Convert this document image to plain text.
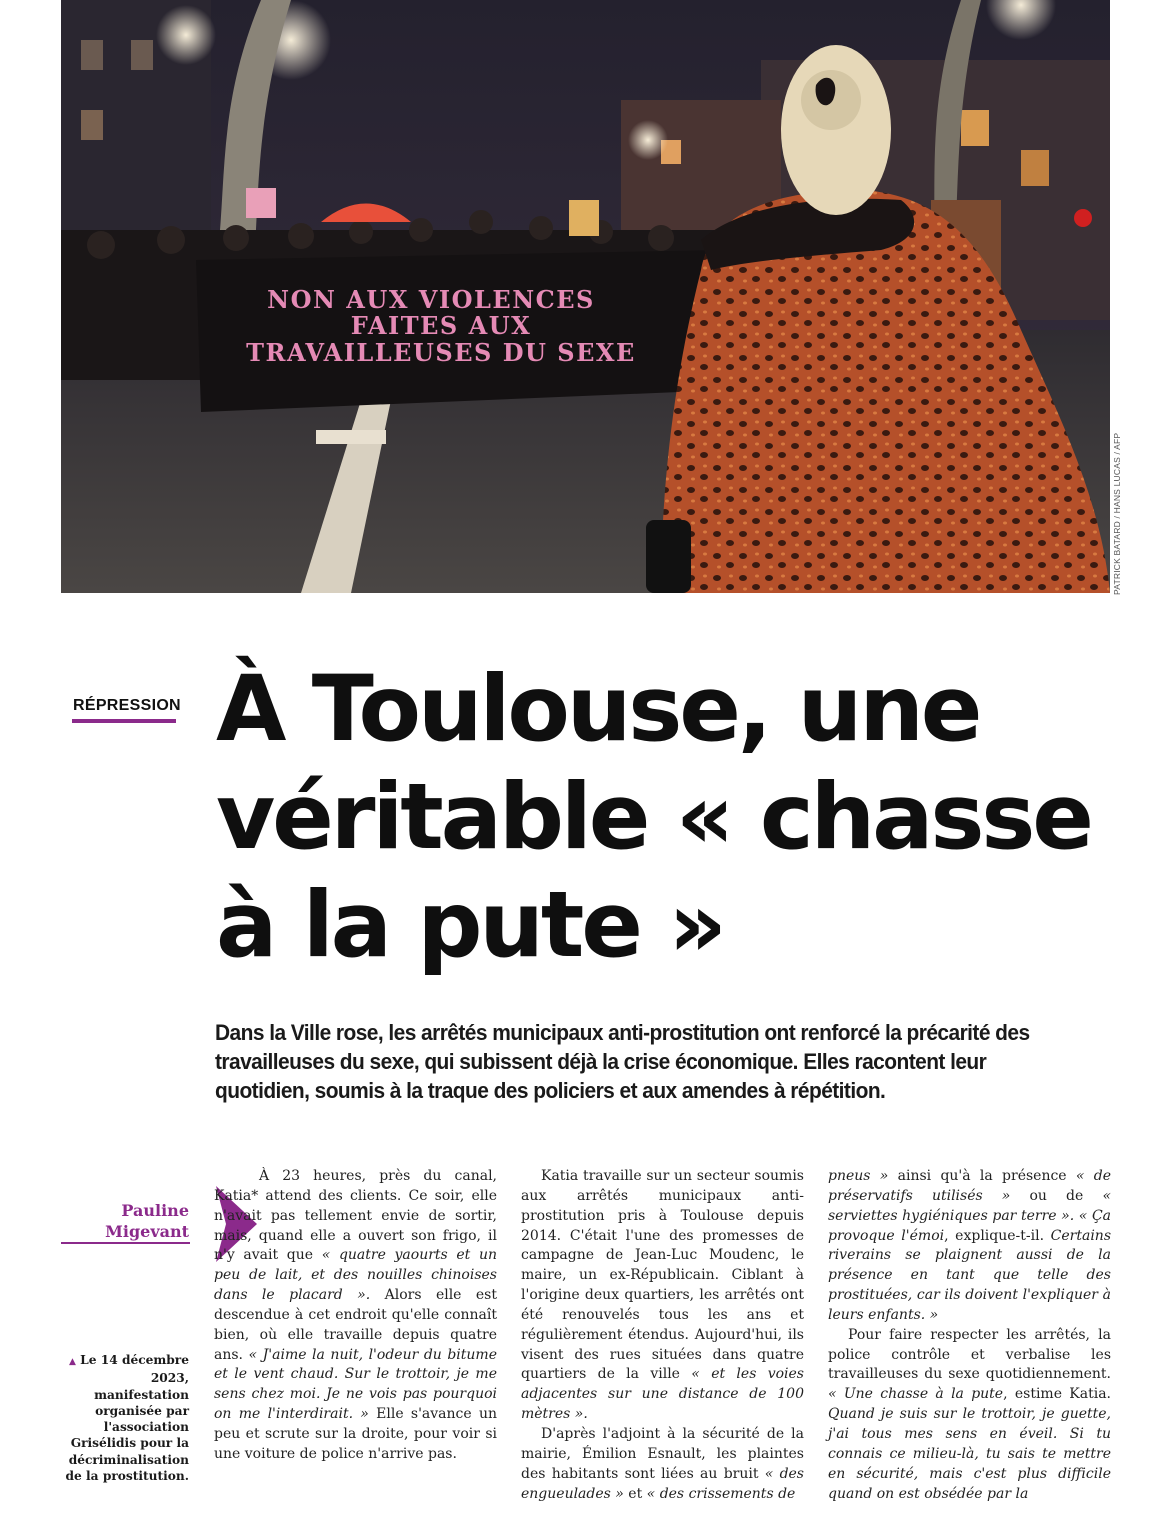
NON AUX VIOLENCES
FAITES AUX
TRAVAILLEUSES DU SEXE
PATRICK BATARD / HANS LUCAS / AFP
RÉPRESSION À Toulouse, une
véritable « chasse
à la pute »

Dans la Ville rose, les arrêtés municipaux anti-prostitution ont renforcé la précarité des travailleuses du sexe, qui subissent déjà la crise économique. Elles racontent leur quotidien, soumis à la traque des policiers et aux amendes à répétition.

Pauline
Migevant
▲ Le 14 décembre 2023, manifestation organisée par l'association Grisélidis pour la décriminalisation de la prostitution.

À 23 heures, près du canal, Katia* attend des clients. Ce soir, elle n'avait pas tellement envie de sortir, mais, quand elle a ouvert son frigo, il n'y avait que « quatre yaourts et un peu de lait, et des nouilles chinoises dans le placard ». Alors elle est descendue à cet endroit qu'elle connaît bien, où elle travaille depuis quatre ans. « J'aime la nuit, l'odeur du bitume et le vent chaud. Sur le trottoir, je me sens chez moi. Je ne vois pas pourquoi on me l'interdirait. » Elle s'avance un peu et scrute sur la droite, pour voir si une voiture de police n'arrive pas.

Katia travaille sur un secteur soumis aux arrêtés municipaux anti-prostitution pris à Toulouse depuis 2014. C'était l'une des promesses de campagne de Jean-Luc Moudenc, le maire, un ex-Républicain. Ciblant à l'origine deux quartiers, les arrêtés ont été renouvelés tous les ans et régulièrement étendus. Aujourd'hui, ils visent des rues situées dans quatre quartiers de la ville « et les voies adjacentes sur une distance de 100 mètres ».

D'après l'adjoint à la sécurité de la mairie, Émilion Esnault, les plaintes des habitants sont liées au bruit « des engueulades » et « des crissements de

pneus » ainsi qu'à la présence « de préservatifs utilisés » ou de « serviettes hygiéniques par terre ». « Ça provoque l'émoi, explique-t-il. Certains riverains se plaignent aussi de la présence en tant que telle des prostituées, car ils doivent l'expliquer à leurs enfants. »

Pour faire respecter les arrêtés, la police contrôle et verbalise les travailleuses du sexe quotidiennement. « Une chasse à la pute, estime Katia. Quand je suis sur le trottoir, je guette, j'ai tous mes sens en éveil. Si tu connais ce milieu-là, tu sais te mettre en sécurité, mais c'est plus difficile quand on est obsédée par la
